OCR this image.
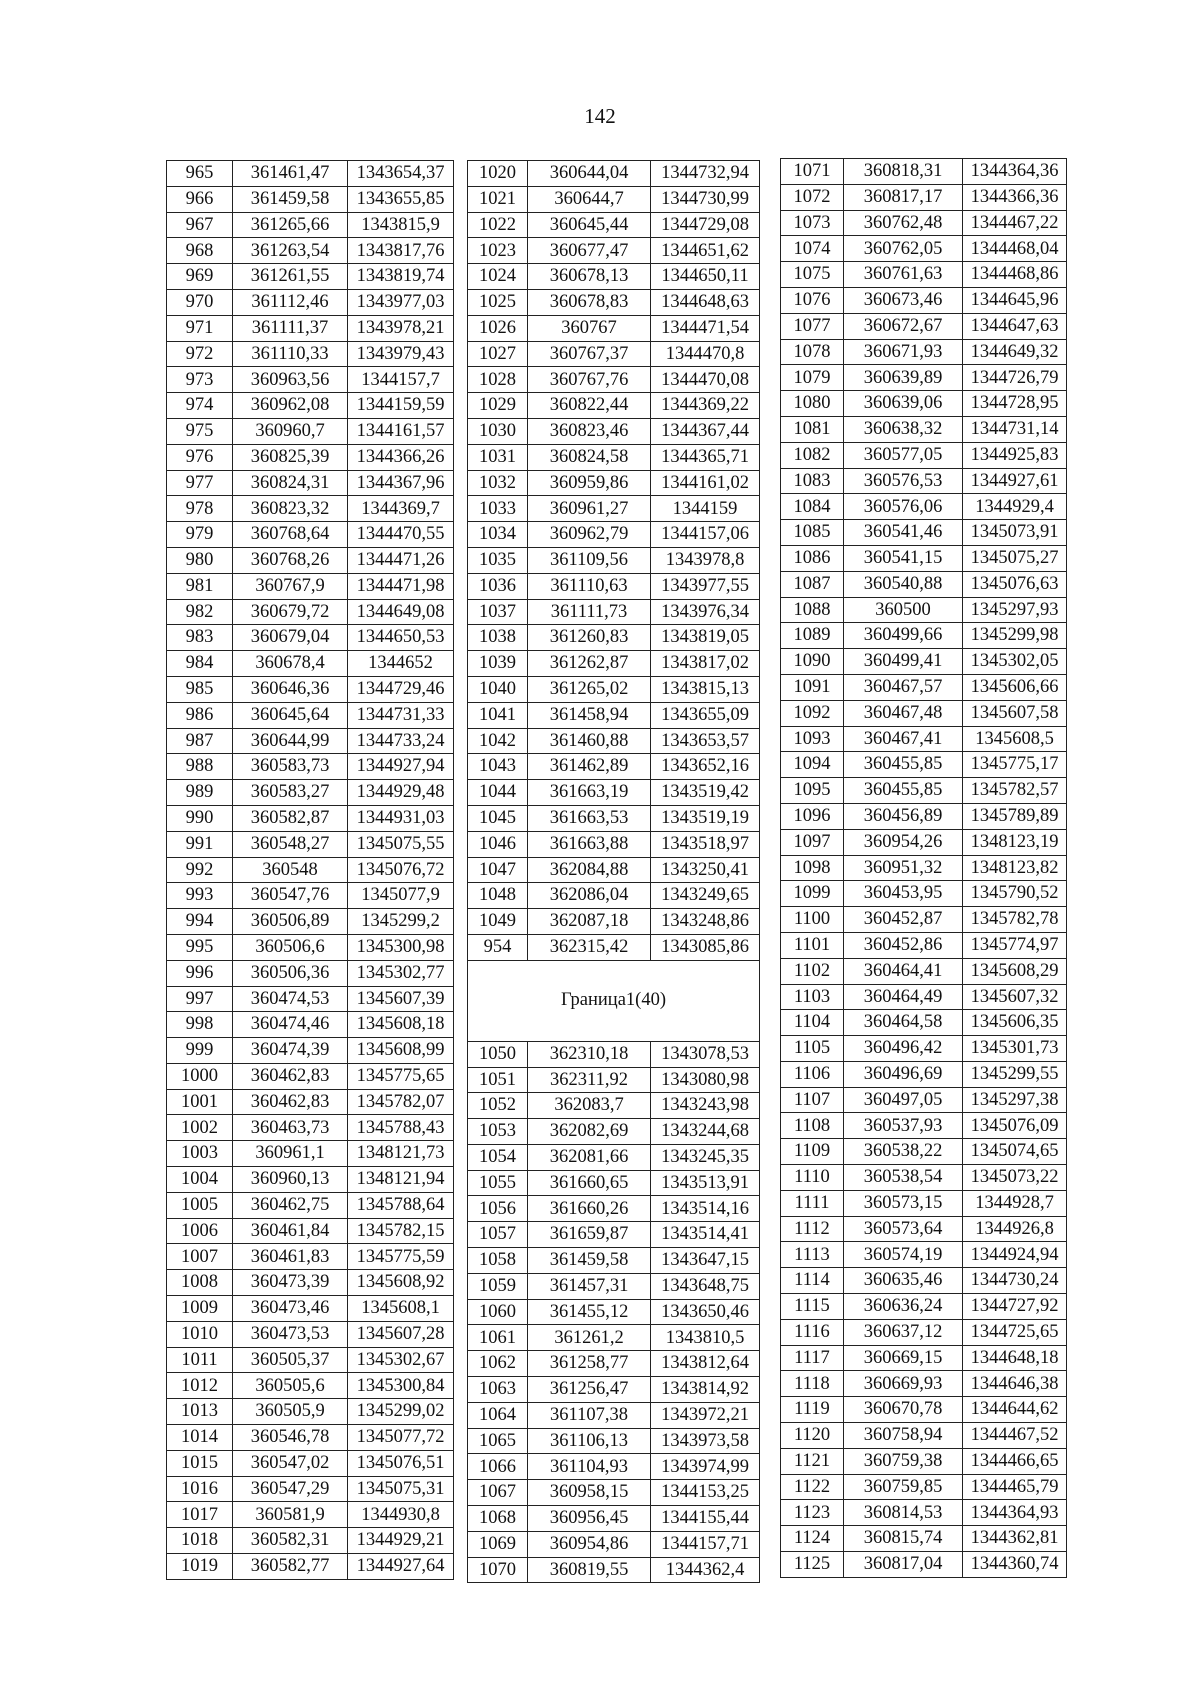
142
965	361461,47	1343654,37
966	361459,58	1343655,85
967	361265,66	1343815,9
968	361263,54	1343817,76
969	361261,55	1343819,74
970	361112,46	1343977,03
971	361111,37	1343978,21
972	361110,33	1343979,43
973	360963,56	1344157,7
974	360962,08	1344159,59
975	360960,7	1344161,57
976	360825,39	1344366,26
977	360824,31	1344367,96
978	360823,32	1344369,7
979	360768,64	1344470,55
980	360768,26	1344471,26
981	360767,9	1344471,98
982	360679,72	1344649,08
983	360679,04	1344650,53
984	360678,4	1344652
985	360646,36	1344729,46
986	360645,64	1344731,33
987	360644,99	1344733,24
988	360583,73	1344927,94
989	360583,27	1344929,48
990	360582,87	1344931,03
991	360548,27	1345075,55
992	360548	1345076,72
993	360547,76	1345077,9
994	360506,89	1345299,2
995	360506,6	1345300,98
996	360506,36	1345302,77
997	360474,53	1345607,39
998	360474,46	1345608,18
999	360474,39	1345608,99
1000	360462,83	1345775,65
1001	360462,83	1345782,07
1002	360463,73	1345788,43
1003	360961,1	1348121,73
1004	360960,13	1348121,94
1005	360462,75	1345788,64
1006	360461,84	1345782,15
1007	360461,83	1345775,59
1008	360473,39	1345608,92
1009	360473,46	1345608,1
1010	360473,53	1345607,28
1011	360505,37	1345302,67
1012	360505,6	1345300,84
1013	360505,9	1345299,02
1014	360546,78	1345077,72
1015	360547,02	1345076,51
1016	360547,29	1345075,31
1017	360581,9	1344930,8
1018	360582,31	1344929,21
1019	360582,77	1344927,64
1020	360644,04	1344732,94
1021	360644,7	1344730,99
1022	360645,44	1344729,08
1023	360677,47	1344651,62
1024	360678,13	1344650,11
1025	360678,83	1344648,63
1026	360767	1344471,54
1027	360767,37	1344470,8
1028	360767,76	1344470,08
1029	360822,44	1344369,22
1030	360823,46	1344367,44
1031	360824,58	1344365,71
1032	360959,86	1344161,02
1033	360961,27	1344159
1034	360962,79	1344157,06
1035	361109,56	1343978,8
1036	361110,63	1343977,55
1037	361111,73	1343976,34
1038	361260,83	1343819,05
1039	361262,87	1343817,02
1040	361265,02	1343815,13
1041	361458,94	1343655,09
1042	361460,88	1343653,57
1043	361462,89	1343652,16
1044	361663,19	1343519,42
1045	361663,53	1343519,19
1046	361663,88	1343518,97
1047	362084,88	1343250,41
1048	362086,04	1343249,65
1049	362087,18	1343248,86
954	362315,42	1343085,86
Граница1(40)		
1050	362310,18	1343078,53
1051	362311,92	1343080,98
1052	362083,7	1343243,98
1053	362082,69	1343244,68
1054	362081,66	1343245,35
1055	361660,65	1343513,91
1056	361660,26	1343514,16
1057	361659,87	1343514,41
1058	361459,58	1343647,15
1059	361457,31	1343648,75
1060	361455,12	1343650,46
1061	361261,2	1343810,5
1062	361258,77	1343812,64
1063	361256,47	1343814,92
1064	361107,38	1343972,21
1065	361106,13	1343973,58
1066	361104,93	1343974,99
1067	360958,15	1344153,25
1068	360956,45	1344155,44
1069	360954,86	1344157,71
1070	360819,55	1344362,4
1071	360818,31	1344364,36
1072	360817,17	1344366,36
1073	360762,48	1344467,22
1074	360762,05	1344468,04
1075	360761,63	1344468,86
1076	360673,46	1344645,96
1077	360672,67	1344647,63
1078	360671,93	1344649,32
1079	360639,89	1344726,79
1080	360639,06	1344728,95
1081	360638,32	1344731,14
1082	360577,05	1344925,83
1083	360576,53	1344927,61
1084	360576,06	1344929,4
1085	360541,46	1345073,91
1086	360541,15	1345075,27
1087	360540,88	1345076,63
1088	360500	1345297,93
1089	360499,66	1345299,98
1090	360499,41	1345302,05
1091	360467,57	1345606,66
1092	360467,48	1345607,58
1093	360467,41	1345608,5
1094	360455,85	1345775,17
1095	360455,85	1345782,57
1096	360456,89	1345789,89
1097	360954,26	1348123,19
1098	360951,32	1348123,82
1099	360453,95	1345790,52
1100	360452,87	1345782,78
1101	360452,86	1345774,97
1102	360464,41	1345608,29
1103	360464,49	1345607,32
1104	360464,58	1345606,35
1105	360496,42	1345301,73
1106	360496,69	1345299,55
1107	360497,05	1345297,38
1108	360537,93	1345076,09
1109	360538,22	1345074,65
1110	360538,54	1345073,22
1111	360573,15	1344928,7
1112	360573,64	1344926,8
1113	360574,19	1344924,94
1114	360635,46	1344730,24
1115	360636,24	1344727,92
1116	360637,12	1344725,65
1117	360669,15	1344648,18
1118	360669,93	1344646,38
1119	360670,78	1344644,62
1120	360758,94	1344467,52
1121	360759,38	1344466,65
1122	360759,85	1344465,79
1123	360814,53	1344364,93
1124	360815,74	1344362,81
1125	360817,04	1344360,74
